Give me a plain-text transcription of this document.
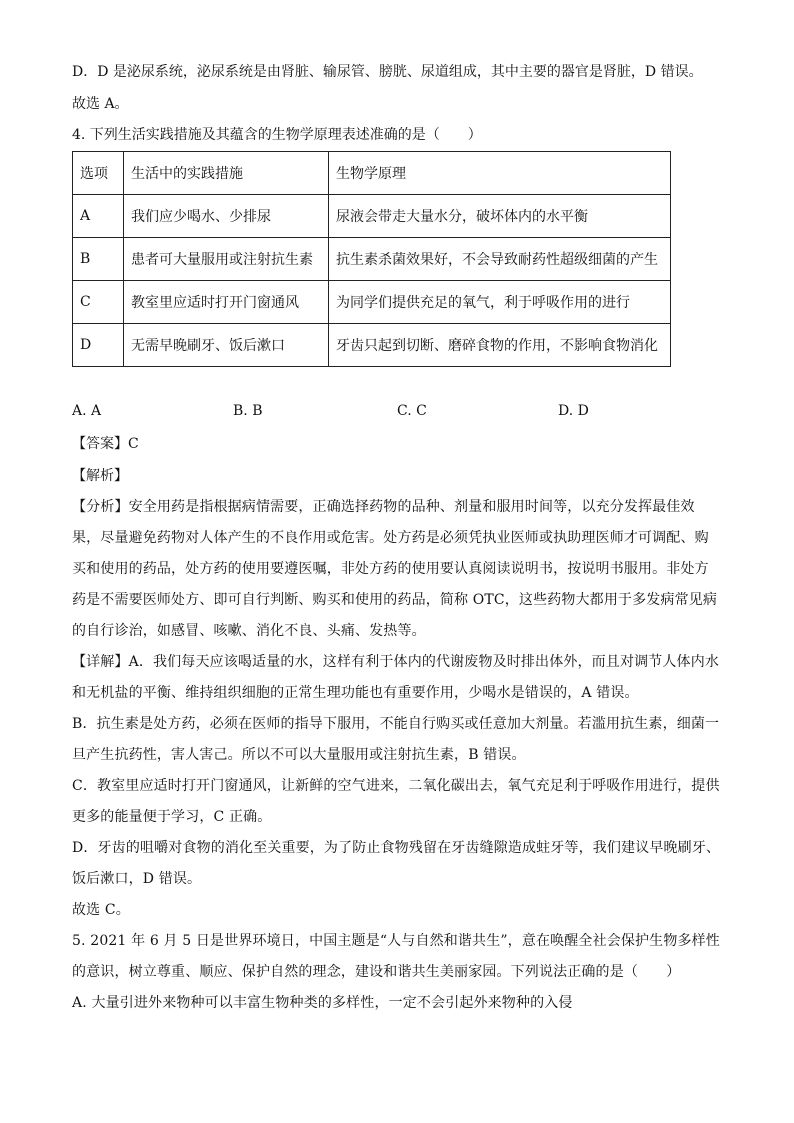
D．D 是泌尿系统，泌尿系统是由肾脏、输尿管、膀胱、尿道组成，其中主要的器官是肾脏，D 错误。
故选 A。
4. 下列生活实践措施及其蕴含的生物学原理表述准确的是（　　）
选项	生活中的实践措施	生物学原理
A	我们应少喝水、少排尿	尿液会带走大量水分，破坏体内的水平衡
B	患者可大量服用或注射抗生素	抗生素杀菌效果好，不会导致耐药性超级细菌的产生
C	教室里应适时打开门窗通风	为同学们提供充足的氧气，利于呼吸作用的进行
D	无需早晚刷牙、饭后漱口	牙齿只起到切断、磨碎食物的作用，不影响食物消化
A. A	B. B	C. C	D. D
【答案】C
【解析】

【分析】安全用药是指根据病情需要，正确选择药物的品种、剂量和服用时间等，以充分发挥最佳效果，尽量避免药物对人体产生的不良作用或危害。处方药是必须凭执业医师或执助理医师才可调配、购买和使用的药品，处方药的使用要遵医嘱，非处方药的使用要认真阅读说明书，按说明书服用。非处方药是不需要医师处方、即可自行判断、购买和使用的药品，简称 OTC，这些药物大都用于多发病常见病的自行诊治，如感冒、咳嗽、消化不良、头痛、发热等。

【详解】A．我们每天应该喝适量的水，这样有利于体内的代谢废物及时排出体外，而且对调节人体内水和无机盐的平衡、维持组织细胞的正常生理功能也有重要作用，少喝水是错误的，A 错误。

B．抗生素是处方药，必须在医师的指导下服用，不能自行购买或任意加大剂量。若滥用抗生素，细菌一旦产生抗药性，害人害己。所以不可以大量服用或注射抗生素，B 错误。

C．教室里应适时打开门窗通风，让新鲜的空气进来，二氧化碳出去，氧气充足利于呼吸作用进行，提供更多的能量便于学习，C 正确。

D．牙齿的咀嚼对食物的消化至关重要，为了防止食物残留在牙齿缝隙造成蛀牙等，我们建议早晚刷牙、饭后漱口，D 错误。

故选 C。

5. 2021 年 6 月 5 日是世界环境日，中国主题是“人与自然和谐共生”，意在唤醒全社会保护生物多样性的意识，树立尊重、顺应、保护自然的理念，建设和谐共生美丽家园。下列说法正确的是（　　）

A. 大量引进外来物种可以丰富生物种类的多样性，一定不会引起外来物种的入侵
